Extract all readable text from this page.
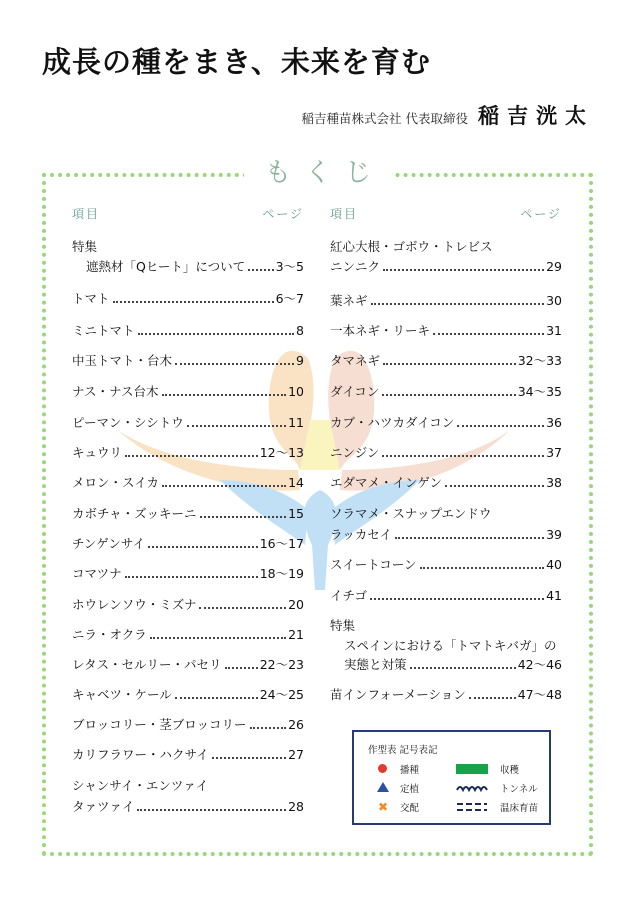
成長の種をまき、未来を育む
稲吉種苗株式会社 代表取締役 稲吉洸太
もくじ
項目	ページ 項目	ページ
特集
遮熱材「Qヒート」について 3～5
トマト	6～7
ミニトマト	8
中玉トマト・台木	9
ナス・ナス台木	10
ピーマン・シシトウ	11
キュウリ	12～13
メロン・スイカ	14
カボチャ・ズッキーニ	15
チンゲンサイ	16～17
コマツナ	18～19
ホウレンソウ・ミズナ	20
ニラ・オクラ	21
レタス・セルリー・パセリ	22～23
キャベツ・ケール	24～25
ブロッコリー・茎ブロッコリー	26
カリフラワー・ハクサイ	27
シャンサイ・エンツァイ
タァツァイ	28
紅心大根・ゴボウ・トレビス
ニンニク	29
葉ネギ	30
一本ネギ・リーキ	31
タマネギ	32～33
ダイコン	34～35
カブ・ハツカダイコン	36
ニンジン	37
エダマメ・インゲン	38
ソラマメ・スナップエンドウ
ラッカセイ	39
スイートコーン	40
イチゴ	41
特集
スペインにおける「トマトキバガ」の
実態と対策	42～46
苗インフォーメーション	47～48
作型表 記号表記
播種
定植
✖ 交配
収穫
トンネル
温床育苗
